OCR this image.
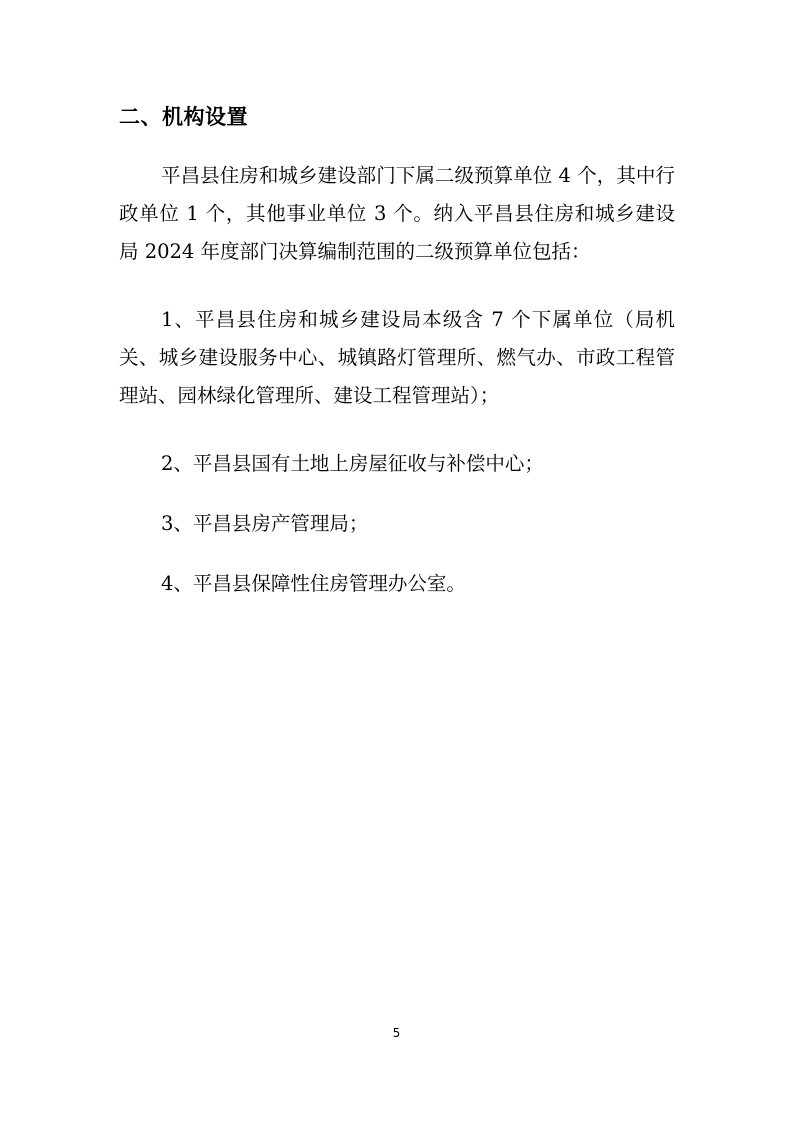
二、机构设置

平昌县住房和城乡建设部门下属二级预算单位 4 个，其中行政单位 1 个，其他事业单位 3 个。纳入平昌县住房和城乡建设局 2024 年度部门决算编制范围的二级预算单位包括：

1、平昌县住房和城乡建设局本级含 7 个下属单位（局机关、城乡建设服务中心、城镇路灯管理所、燃气办、市政工程管理站、园林绿化管理所、建设工程管理站）；

2、平昌县国有土地上房屋征收与补偿中心；

3、平昌县房产管理局；

4、平昌县保障性住房管理办公室。

5
